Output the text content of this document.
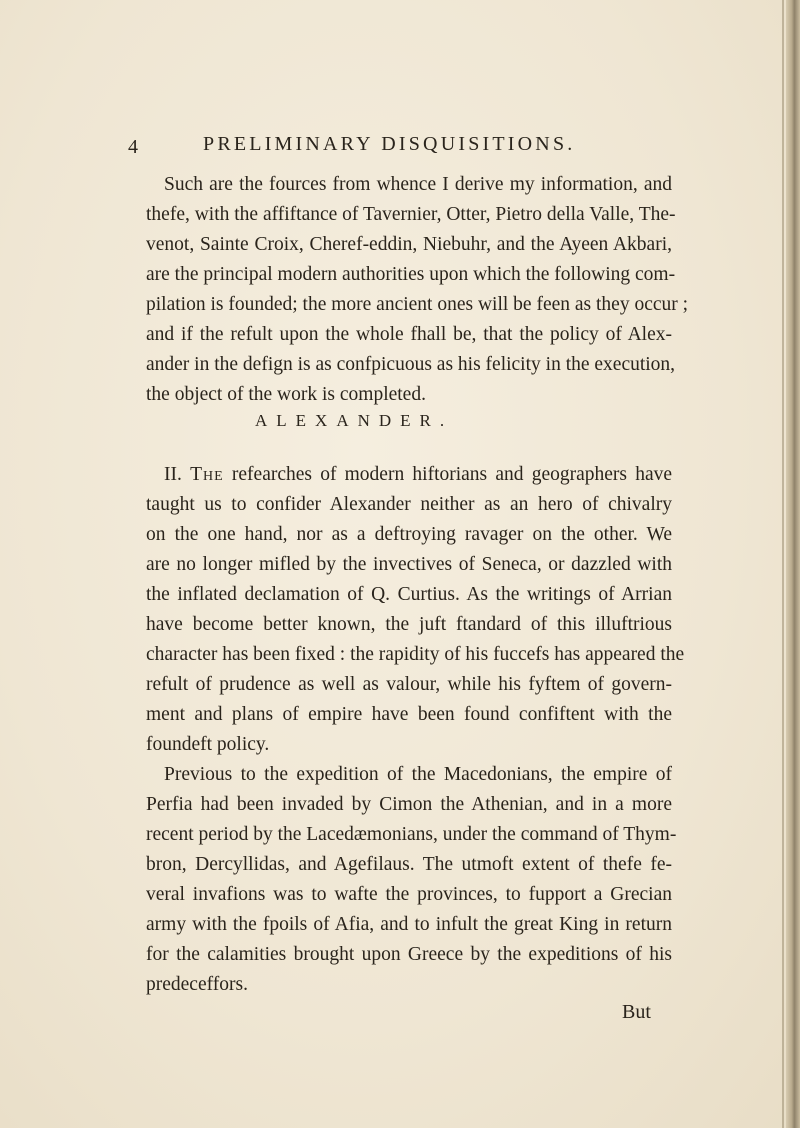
4	PRELIMINARY DISQUISITIONS.
Such are the fources from whence I derive my information, and
thefe, with the affiftance of Tavernier, Otter, Pietro della Valle, The-
venot, Sainte Croix, Cheref-eddin, Niebuhr, and the Ayeen Akbari,
are the principal modern authorities upon which the following com-
pilation is founded; the more ancient ones will be feen as they occur ;
and if the refult upon the whole fhall be, that the policy of Alex-
ander in the defign is as confpicuous as his felicity in the execution,
the object of the work is completed.
ALEXANDER.
II. The refearches of modern hiftorians and geographers have
taught us to confider Alexander neither as an hero of chivalry
on the one hand, nor as a deftroying ravager on the other. We
are no longer mifled by the invectives of Seneca, or dazzled with
the inflated declamation of Q. Curtius. As the writings of Arrian
have become better known, the juft ftandard of this illuftrious
character has been fixed : the rapidity of his fuccefs has appeared the
refult of prudence as well as valour, while his fyftem of govern-
ment and plans of empire have been found confiftent with the
foundeft policy.
Previous to the expedition of the Macedonians, the empire of
Perfia had been invaded by Cimon the Athenian, and in a more
recent period by the Lacedæmonians, under the command of Thym-
bron, Dercyllidas, and Agefilaus. The utmoft extent of thefe fe-
veral invafions was to wafte the provinces, to fupport a Grecian
army with the fpoils of Afia, and to infult the great King in return
for the calamities brought upon Greece by the expeditions of his
predeceffors.
But
